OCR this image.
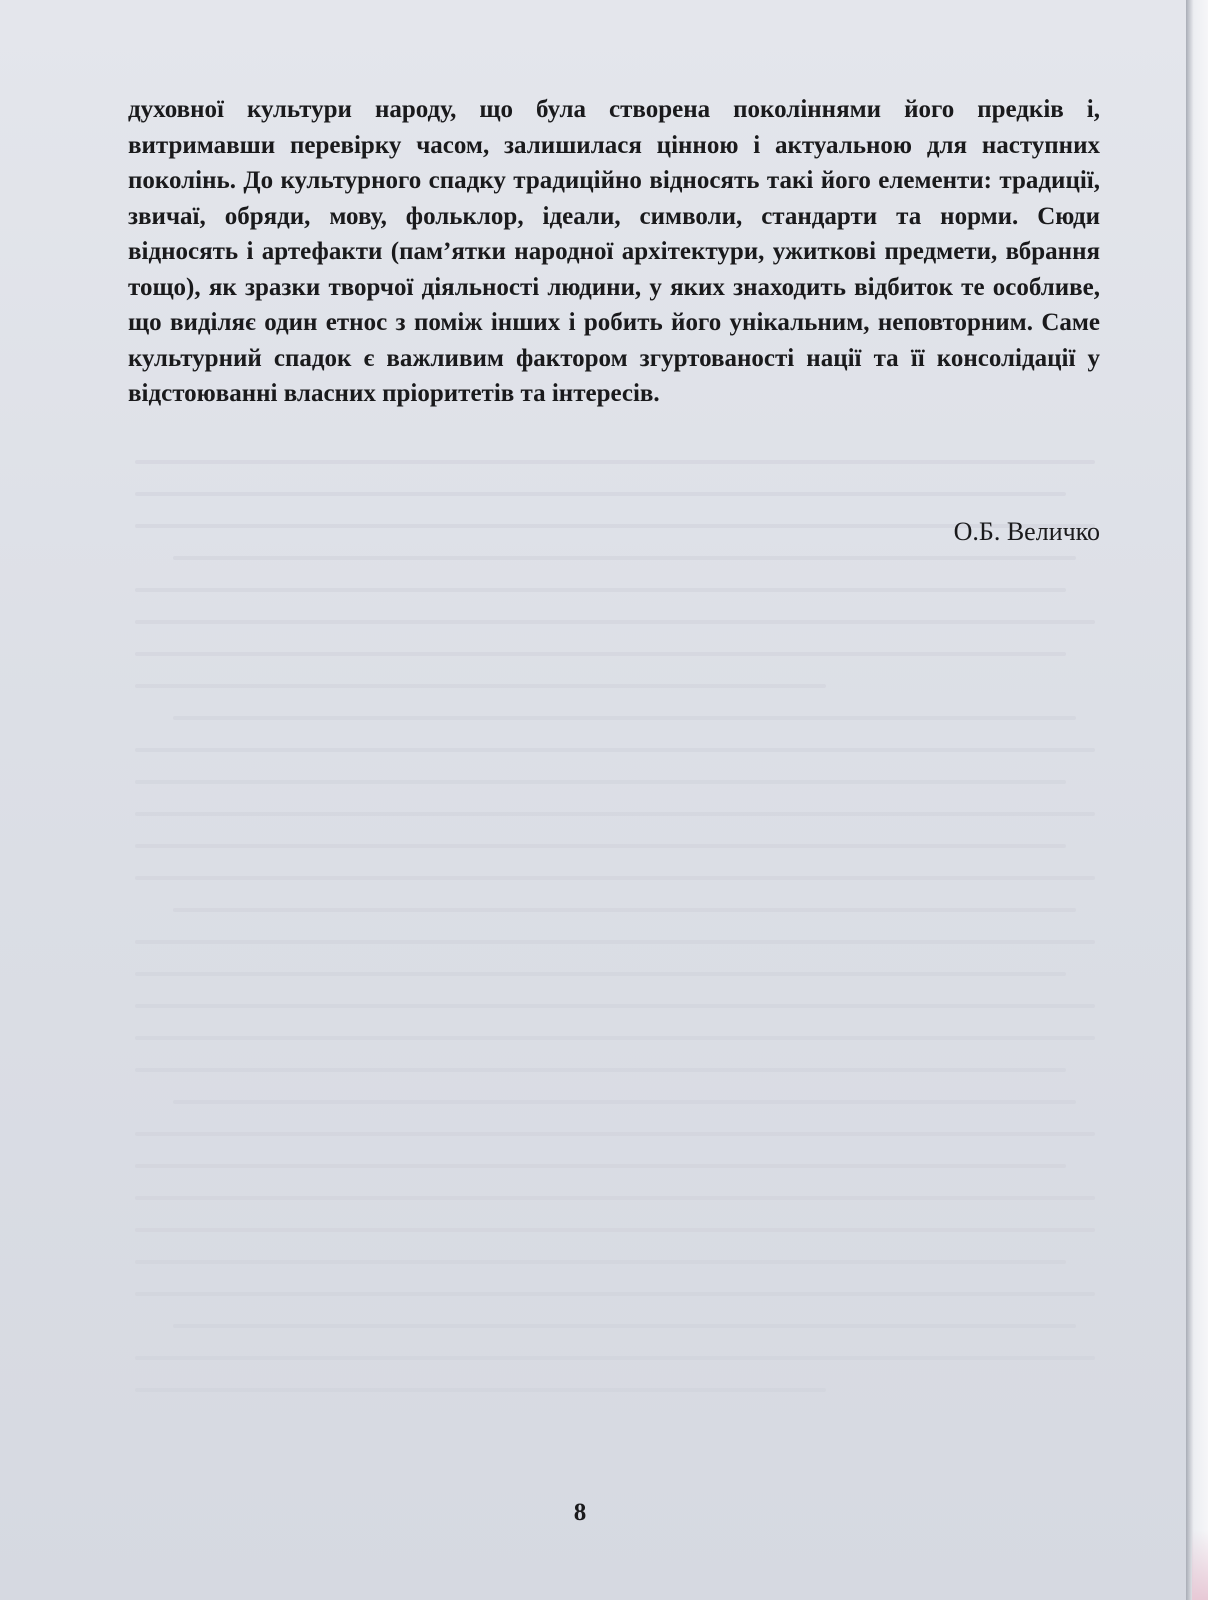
духовної культури народу, що була створена поколіннями його предків і, витримавши перевірку часом, залишилася цінною і актуальною для наступних поколінь. До культурного спадку традиційно відносять такі його елементи: традиції, звичаї, обряди, мову, фольклор, ідеали, символи, стандарти та норми. Сюди відносять і артефакти (пам’ятки народної архітектури, ужиткові предмети, вбрання тощо), як зразки творчої діяльності людини, у яких знаходить відбиток те особливе, що виділяє один етнос з поміж інших і робить його унікальним, неповторним. Саме культурний спадок є важливим фактором згуртованості нації та її консолідації у відстоюванні власних пріоритетів та інтересів.

О.Б. Величко

8
